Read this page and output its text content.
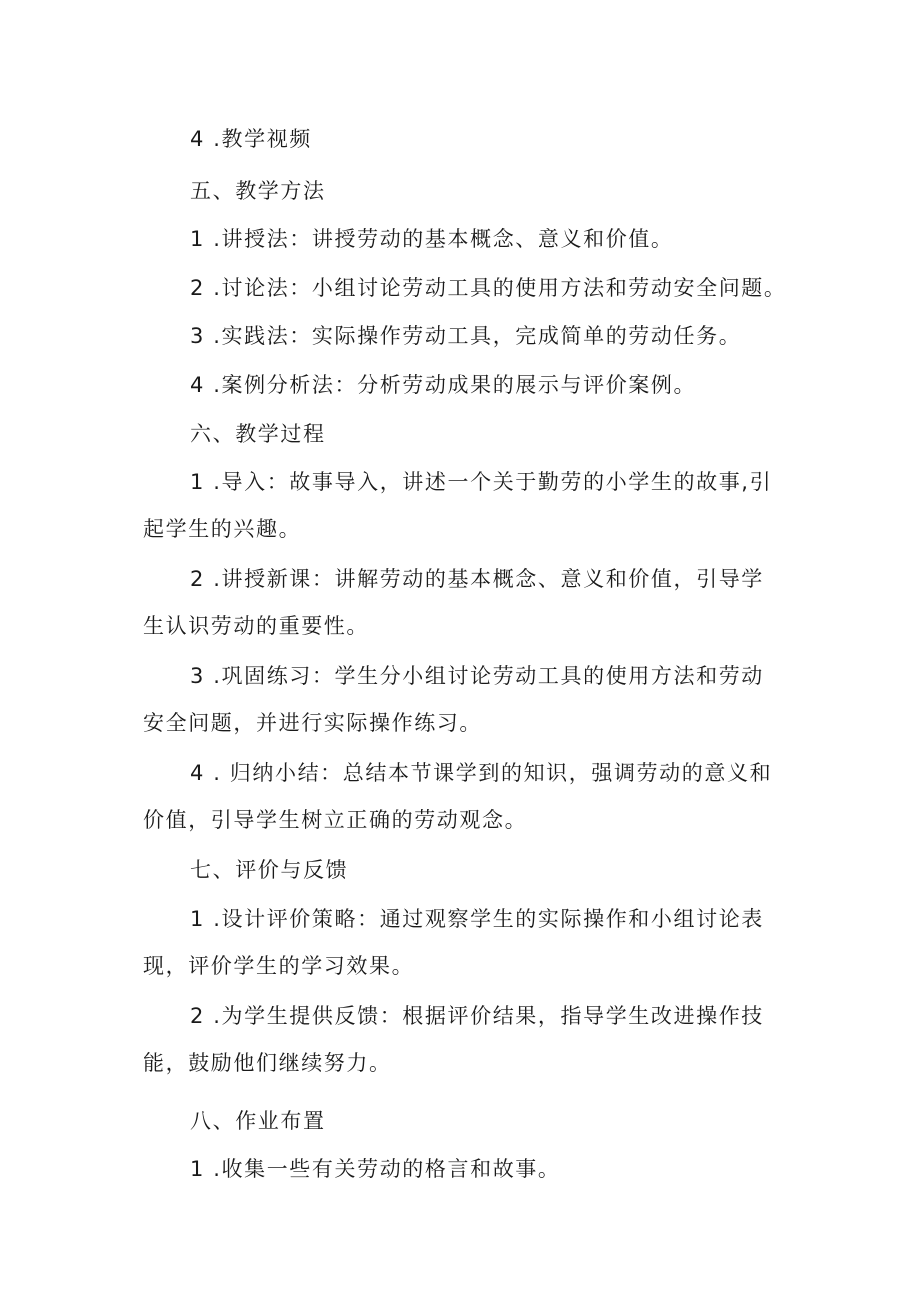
4 .教学视频
五、教学方法
1 .讲授法：讲授劳动的基本概念、意义和价值。
2 .讨论法：小组讨论劳动工具的使用方法和劳动安全问题。
3 .实践法：实际操作劳动工具，完成简单的劳动任务。
4 .案例分析法：分析劳动成果的展示与评价案例。
六、教学过程
1 .导入：故事导入，讲述一个关于勤劳的小学生的故事,引
起学生的兴趣。
2 .讲授新课：讲解劳动的基本概念、意义和价值，引导学
生认识劳动的重要性。
3 .巩固练习：学生分小组讨论劳动工具的使用方法和劳动
安全问题，并进行实际操作练习。
4 . 归纳小结：总结本节课学到的知识，强调劳动的意义和
价值，引导学生树立正确的劳动观念。
七、评价与反馈
1 .设计评价策略：通过观察学生的实际操作和小组讨论表
现，评价学生的学习效果。
2 .为学生提供反馈：根据评价结果，指导学生改进操作技
能，鼓励他们继续努力。
八、作业布置
1 .收集一些有关劳动的格言和故事。
